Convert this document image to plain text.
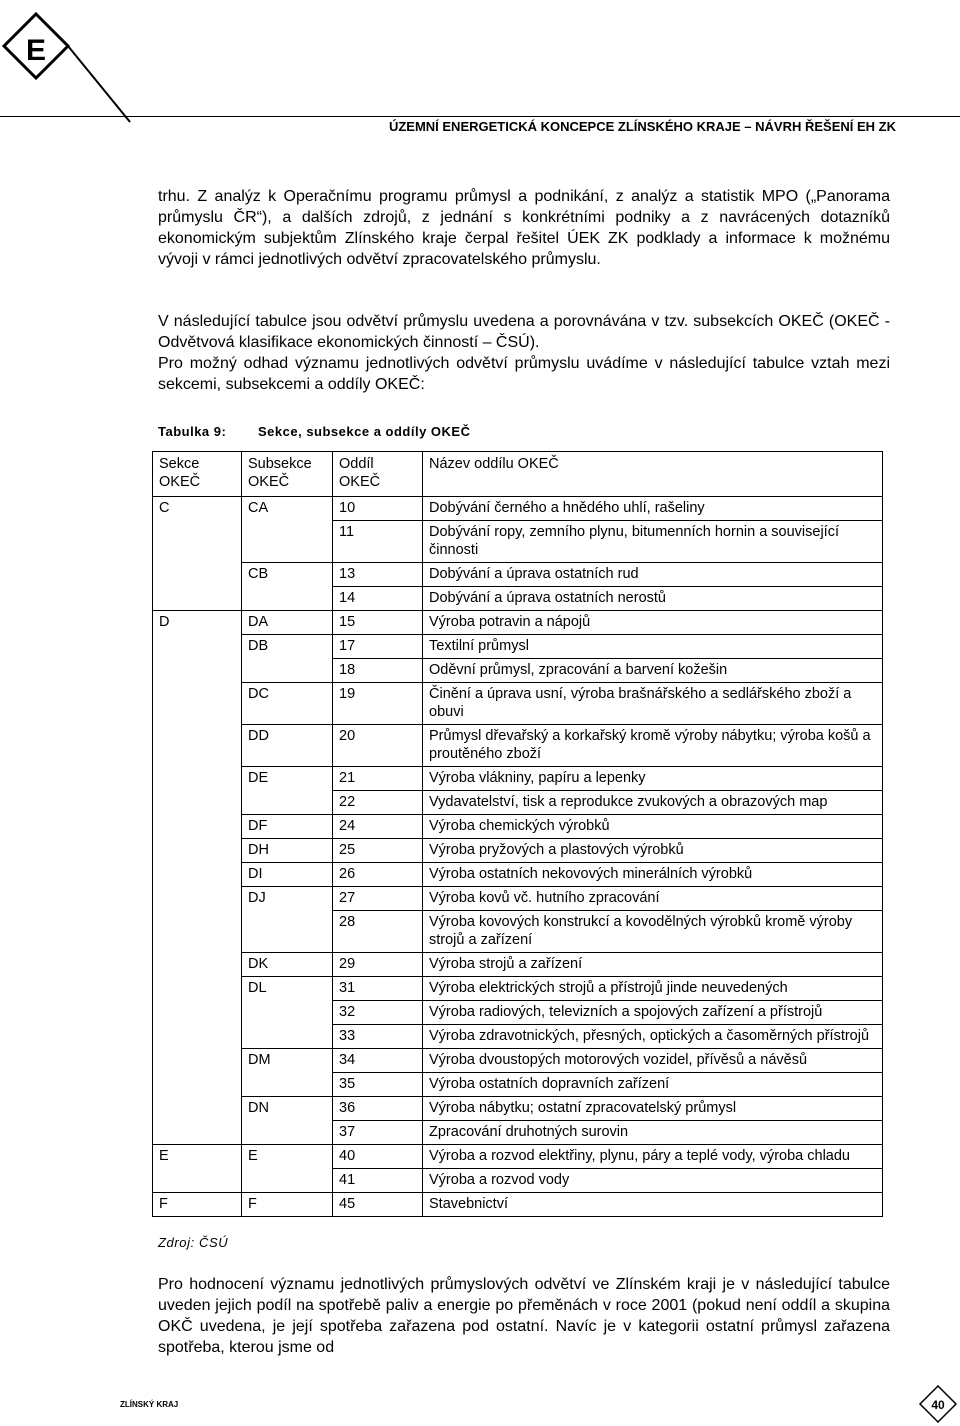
E
ÚZEMNÍ ENERGETICKÁ KONCEPCE ZLÍNSKÉHO KRAJE – NÁVRH ŘEŠENÍ EH ZK

trhu. Z analýz k Operačnímu programu průmysl a podnikání, z analýz a statistik MPO („Panorama průmyslu ČR“), a dalších zdrojů, z jednání s konkrétními podniky a z navrácených dotazníků ekonomickým subjektům Zlínského kraje čerpal řešitel ÚEK ZK podklady a informace k možnému vývoji v rámci jednotlivých odvětví zpracovatelského průmyslu.

V následující tabulce jsou odvětví průmyslu uvedena a porovnávána v tzv. subsekcích OKEČ (OKEČ - Odvětvová klasifikace ekonomických činností – ČSÚ).

Pro možný odhad významu jednotlivých odvětví průmyslu uvádíme v následující tabulce vztah mezi sekcemi, subsekcemi a oddíly OKEČ:

Tabulka 9: Sekce, subsekce a oddíly OKEČ
Sekce OKEČ	Subsekce OKEČ	Oddíl OKEČ	Název oddílu OKEČ
C	CA	10	Dobývání černého a hnědého uhlí, rašeliny
		11	Dobývání ropy, zemního plynu, bitumenních hornin a související činnosti
	CB	13	Dobývání a úprava ostatních rud
		14	Dobývání a úprava ostatních nerostů
D	DA	15	Výroba potravin a nápojů
	DB	17	Textilní průmysl
		18	Oděvní průmysl, zpracování a barvení kožešin
	DC	19	Činění a úprava usní, výroba brašnářského a sedlářského zboží a obuvi
	DD	20	Průmysl dřevařský a korkařský kromě výroby nábytku; výroba košů a proutěného zboží
	DE	21	Výroba vlákniny, papíru a lepenky
		22	Vydavatelství, tisk a reprodukce zvukových a obrazových map
	DF	24	Výroba chemických výrobků
	DH	25	Výroba pryžových a plastových výrobků
	DI	26	Výroba ostatních nekovových minerálních výrobků
	DJ	27	Výroba kovů vč. hutního zpracování
		28	Výroba kovových konstrukcí a kovodělných výrobků kromě výroby strojů a zařízení
	DK	29	Výroba strojů a zařízení
	DL	31	Výroba elektrických strojů a přístrojů jinde neuvedených
		32	Výroba radiových, televizních a spojových zařízení a přístrojů
		33	Výroba zdravotnických, přesných, optických a časoměrných přístrojů
	DM	34	Výroba dvoustopých motorových vozidel, přívěsů a návěsů
		35	Výroba ostatních dopravních zařízení
	DN	36	Výroba nábytku; ostatní zpracovatelský průmysl
		37	Zpracování druhotných surovin
E	E	40	Výroba a rozvod elektřiny, plynu, páry a teplé vody, výroba chladu
		41	Výroba a rozvod vody
F	F	45	Stavebnictví
Zdroj: ČSÚ

Pro hodnocení významu jednotlivých průmyslových odvětví ve Zlínském kraji je v následující tabulce uveden jejich podíl na spotřebě paliv a energie po přeměnách v roce 2001 (pokud není oddíl a skupina OKČ uvedena, je její spotřeba zařazena pod ostatní. Navíc je v kategorii ostatní průmysl zařazena spotřeba, kterou jsme od

ZLÍNSKÝ KRAJ	40
